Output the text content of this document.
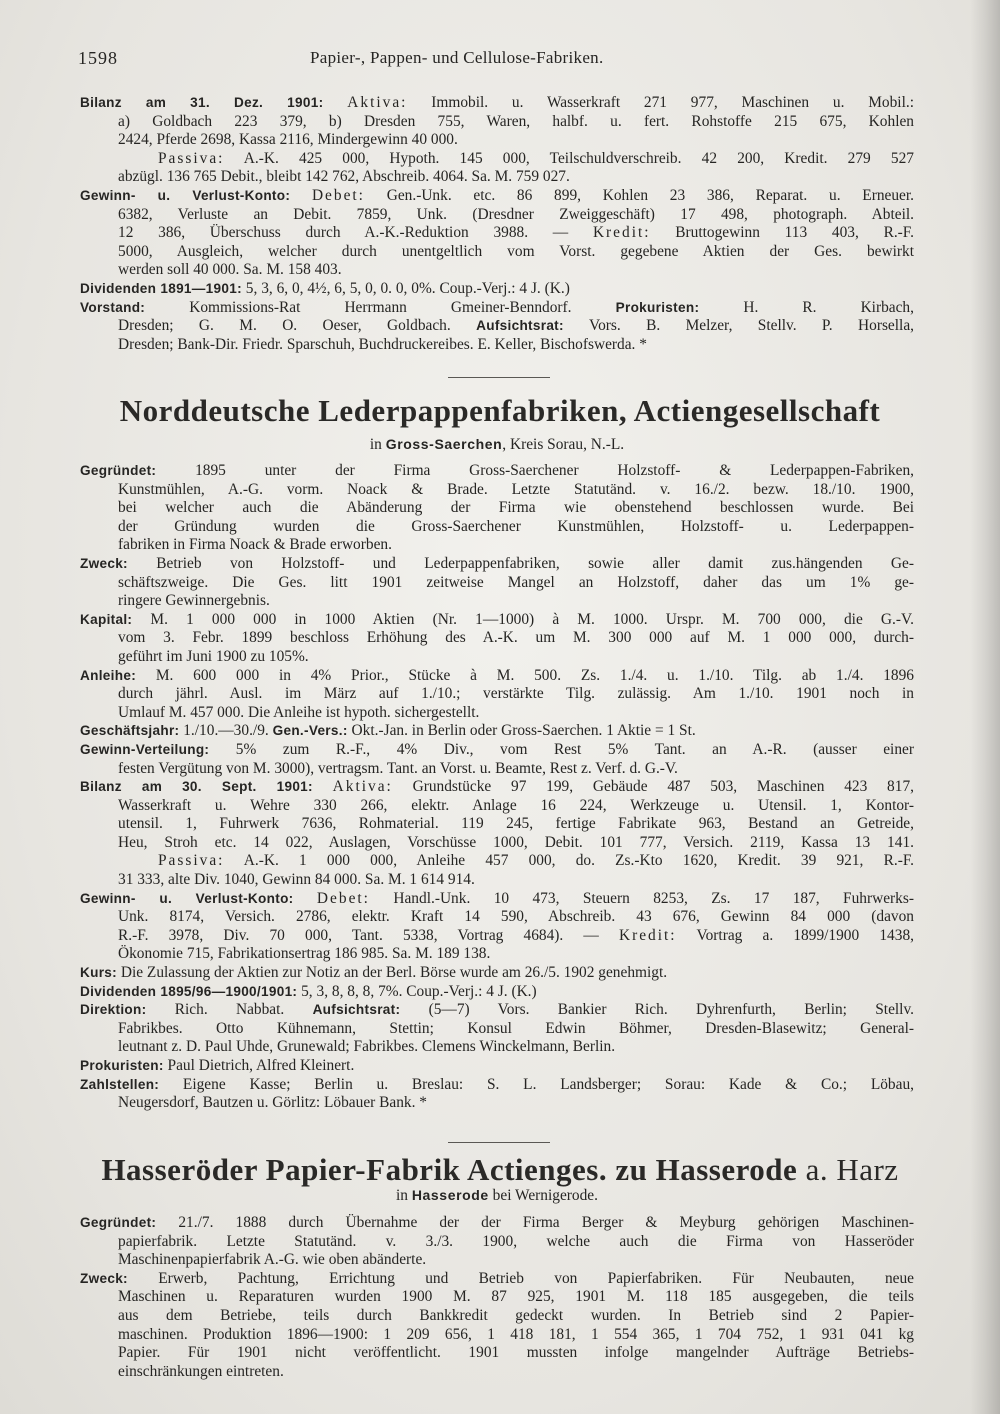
1598	Papier-, Pappen- und Cellulose-Fabriken.
Bilanz am 31. Dez. 1901: Aktiva: Immobil. u. Wasserkraft 271 977, Maschinen u. Mobil.:
a) Goldbach 223 379, b) Dresden 755, Waren, halbf. u. fert. Rohstoffe 215 675, Kohlen
2424, Pferde 2698, Kassa 2116, Mindergewinn 40 000.
Passiva: A.-K. 425 000, Hypoth. 145 000, Teilschuldverschreib. 42 200, Kredit. 279 527
abzügl. 136 765 Debit., bleibt 142 762, Abschreib. 4064. Sa. M. 759 027.
Gewinn- u. Verlust-Konto: Debet: Gen.-Unk. etc. 86 899, Kohlen 23 386, Reparat. u. Erneuer.
6382, Verluste an Debit. 7859, Unk. (Dresdner Zweiggeschäft) 17 498, photograph. Abteil.
12 386, Überschuss durch A.-K.-Reduktion 3988. — Kredit: Bruttogewinn 113 403, R.-F.
5000, Ausgleich, welcher durch unentgeltlich vom Vorst. gegebene Aktien der Ges. bewirkt
werden soll 40 000. Sa. M. 158 403.
Dividenden 1891—1901: 5, 3, 6, 0, 4½, 6, 5, 0, 0. 0, 0%. Coup.-Verj.: 4 J. (K.)
Vorstand: Kommissions-Rat Herrmann Gmeiner-Benndorf. Prokuristen: H. R. Kirbach,
Dresden; G. M. O. Oeser, Goldbach. Aufsichtsrat: Vors. B. Melzer, Stellv. P. Horsella,
Dresden; Bank-Dir. Friedr. Sparschuh, Buchdruckereibes. E. Keller, Bischofswerda. *
Norddeutsche Lederpappenfabriken, Actiengesellschaft
in Gross-Saerchen, Kreis Sorau, N.-L.
Gegründet: 1895 unter der Firma Gross-Saerchener Holzstoff- & Lederpappen-Fabriken,
Kunstmühlen, A.-G. vorm. Noack & Brade. Letzte Statutänd. v. 16./2. bezw. 18./10. 1900,
bei welcher auch die Abänderung der Firma wie obenstehend beschlossen wurde. Bei
der Gründung wurden die Gross-Saerchener Kunstmühlen, Holzstoff- u. Lederpappen-
fabriken in Firma Noack & Brade erworben.
Zweck: Betrieb von Holzstoff- und Lederpappenfabriken, sowie aller damit zus.hängenden Ge-
schäftszweige. Die Ges. litt 1901 zeitweise Mangel an Holzstoff, daher das um 1% ge-
ringere Gewinnergebnis.
Kapital: M. 1 000 000 in 1000 Aktien (Nr. 1—1000) à M. 1000. Urspr. M. 700 000, die G.-V.
vom 3. Febr. 1899 beschloss Erhöhung des A.-K. um M. 300 000 auf M. 1 000 000, durch-
geführt im Juni 1900 zu 105%.
Anleihe: M. 600 000 in 4% Prior., Stücke à M. 500. Zs. 1./4. u. 1./10. Tilg. ab 1./4. 1896
durch jährl. Ausl. im März auf 1./10.; verstärkte Tilg. zulässig. Am 1./10. 1901 noch in
Umlauf M. 457 000. Die Anleihe ist hypoth. sichergestellt.
Geschäftsjahr: 1./10.—30./9. Gen.-Vers.: Okt.-Jan. in Berlin oder Gross-Saerchen. 1 Aktie = 1 St.
Gewinn-Verteilung: 5% zum R.-F., 4% Div., vom Rest 5% Tant. an A.-R. (ausser einer
festen Vergütung von M. 3000), vertragsm. Tant. an Vorst. u. Beamte, Rest z. Verf. d. G.-V.
Bilanz am 30. Sept. 1901: Aktiva: Grundstücke 97 199, Gebäude 487 503, Maschinen 423 817,
Wasserkraft u. Wehre 330 266, elektr. Anlage 16 224, Werkzeuge u. Utensil. 1, Kontor-
utensil. 1, Fuhrwerk 7636, Rohmaterial. 119 245, fertige Fabrikate 963, Bestand an Getreide,
Heu, Stroh etc. 14 022, Auslagen, Vorschüsse 1000, Debit. 101 777, Versich. 2119, Kassa 13 141.
Passiva: A.-K. 1 000 000, Anleihe 457 000, do. Zs.-Kto 1620, Kredit. 39 921, R.-F.
31 333, alte Div. 1040, Gewinn 84 000. Sa. M. 1 614 914.
Gewinn- u. Verlust-Konto: Debet: Handl.-Unk. 10 473, Steuern 8253, Zs. 17 187, Fuhrwerks-
Unk. 8174, Versich. 2786, elektr. Kraft 14 590, Abschreib. 43 676, Gewinn 84 000 (davon
R.-F. 3978, Div. 70 000, Tant. 5338, Vortrag 4684). — Kredit: Vortrag a. 1899/1900 1438,
Ökonomie 715, Fabrikationsertrag 186 985. Sa. M. 189 138.
Kurs: Die Zulassung der Aktien zur Notiz an der Berl. Börse wurde am 26./5. 1902 genehmigt.
Dividenden 1895/96—1900/1901: 5, 3, 8, 8, 8, 7%. Coup.-Verj.: 4 J. (K.)
Direktion: Rich. Nabbat. Aufsichtsrat: (5—7) Vors. Bankier Rich. Dyhrenfurth, Berlin; Stellv.
Fabrikbes. Otto Kühnemann, Stettin; Konsul Edwin Böhmer, Dresden-Blasewitz; General-
leutnant z. D. Paul Uhde, Grunewald; Fabrikbes. Clemens Winckelmann, Berlin.
Prokuristen: Paul Dietrich, Alfred Kleinert.
Zahlstellen: Eigene Kasse; Berlin u. Breslau: S. L. Landsberger; Sorau: Kade & Co.; Löbau,
Neugersdorf, Bautzen u. Görlitz: Löbauer Bank. *
Hasseröder Papier-Fabrik Actienges. zu Hasserode a. Harz
in Hasserode bei Wernigerode.
Gegründet: 21./7. 1888 durch Übernahme der der Firma Berger & Meyburg gehörigen Maschinen-
papierfabrik. Letzte Statutänd. v. 3./3. 1900, welche auch die Firma von Hasseröder
Maschinenpapierfabrik A.-G. wie oben abänderte.
Zweck: Erwerb, Pachtung, Errichtung und Betrieb von Papierfabriken. Für Neubauten, neue
Maschinen u. Reparaturen wurden 1900 M. 87 925, 1901 M. 118 185 ausgegeben, die teils
aus dem Betriebe, teils durch Bankkredit gedeckt wurden. In Betrieb sind 2 Papier-
maschinen. Produktion 1896—1900: 1 209 656, 1 418 181, 1 554 365, 1 704 752, 1 931 041 kg
Papier. Für 1901 nicht veröffentlicht. 1901 mussten infolge mangelnder Aufträge Betriebs-
einschränkungen eintreten.
